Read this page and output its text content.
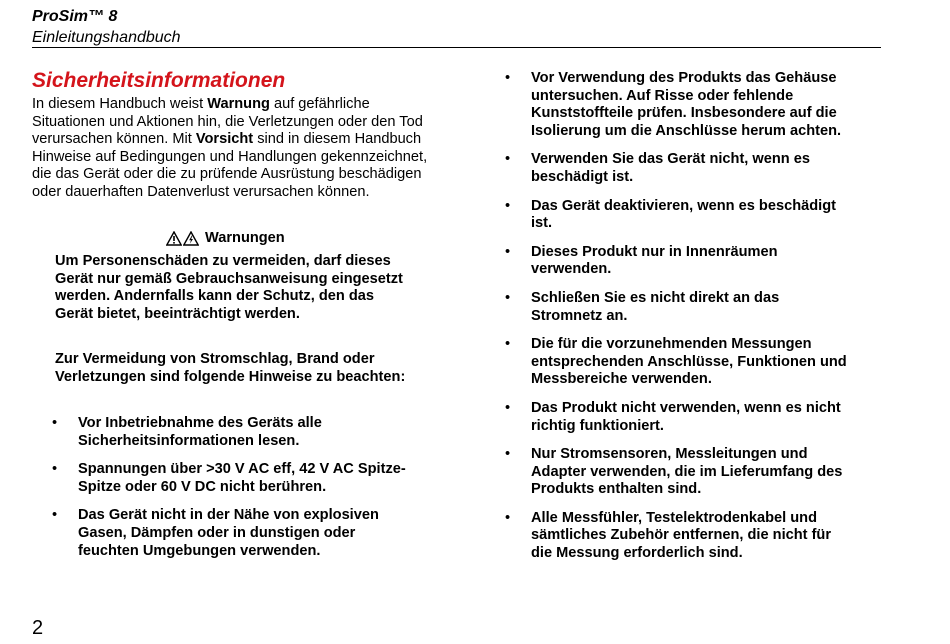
ProSim™ 8
Einleitungshandbuch
Sicherheitsinformationen
In diesem Handbuch weist Warnung auf gefährliche Situationen und Aktionen hin, die Verletzungen oder den Tod verursachen können. Mit Vorsicht sind in diesem Handbuch Hinweise auf Bedingungen und Handlungen gekennzeichnet, die das Gerät oder die zu prüfende Ausrüstung beschädigen oder dauerhaften Datenverlust verursachen können.
Warnungen
Um Personenschäden zu vermeiden, darf dieses Gerät nur gemäß Gebrauchsanweisung eingesetzt werden. Andernfalls kann der Schutz, den das Gerät bietet, beeinträchtigt werden.
Zur Vermeidung von Stromschlag, Brand oder Verletzungen sind folgende Hinweise zu beachten:
• Vor Inbetriebnahme des Geräts alle Sicherheitsinformationen lesen.
• Spannungen über >30 V AC eff, 42 V AC Spitze-Spitze oder 60 V DC nicht berühren.
• Das Gerät nicht in der Nähe von explosiven Gasen, Dämpfen oder in dunstigen oder feuchten Umgebungen verwenden.
• Vor Verwendung des Produkts das Gehäuse untersuchen. Auf Risse oder fehlende Kunststoffteile prüfen. Insbesondere auf die Isolierung um die Anschlüsse herum achten.
• Verwenden Sie das Gerät nicht, wenn es beschädigt ist.
• Das Gerät deaktivieren, wenn es beschädigt ist.
• Dieses Produkt nur in Innenräumen verwenden.
• Schließen Sie es nicht direkt an das Stromnetz an.
• Die für die vorzunehmenden Messungen entsprechenden Anschlüsse, Funktionen und Messbereiche verwenden.
• Das Produkt nicht verwenden, wenn es nicht richtig funktioniert.
• Nur Stromsensoren, Messleitungen und Adapter verwenden, die im Lieferumfang des Produkts enthalten sind.
• Alle Messfühler, Testelektrodenkabel und sämtliches Zubehör entfernen, die nicht für die Messung erforderlich sind.
2
